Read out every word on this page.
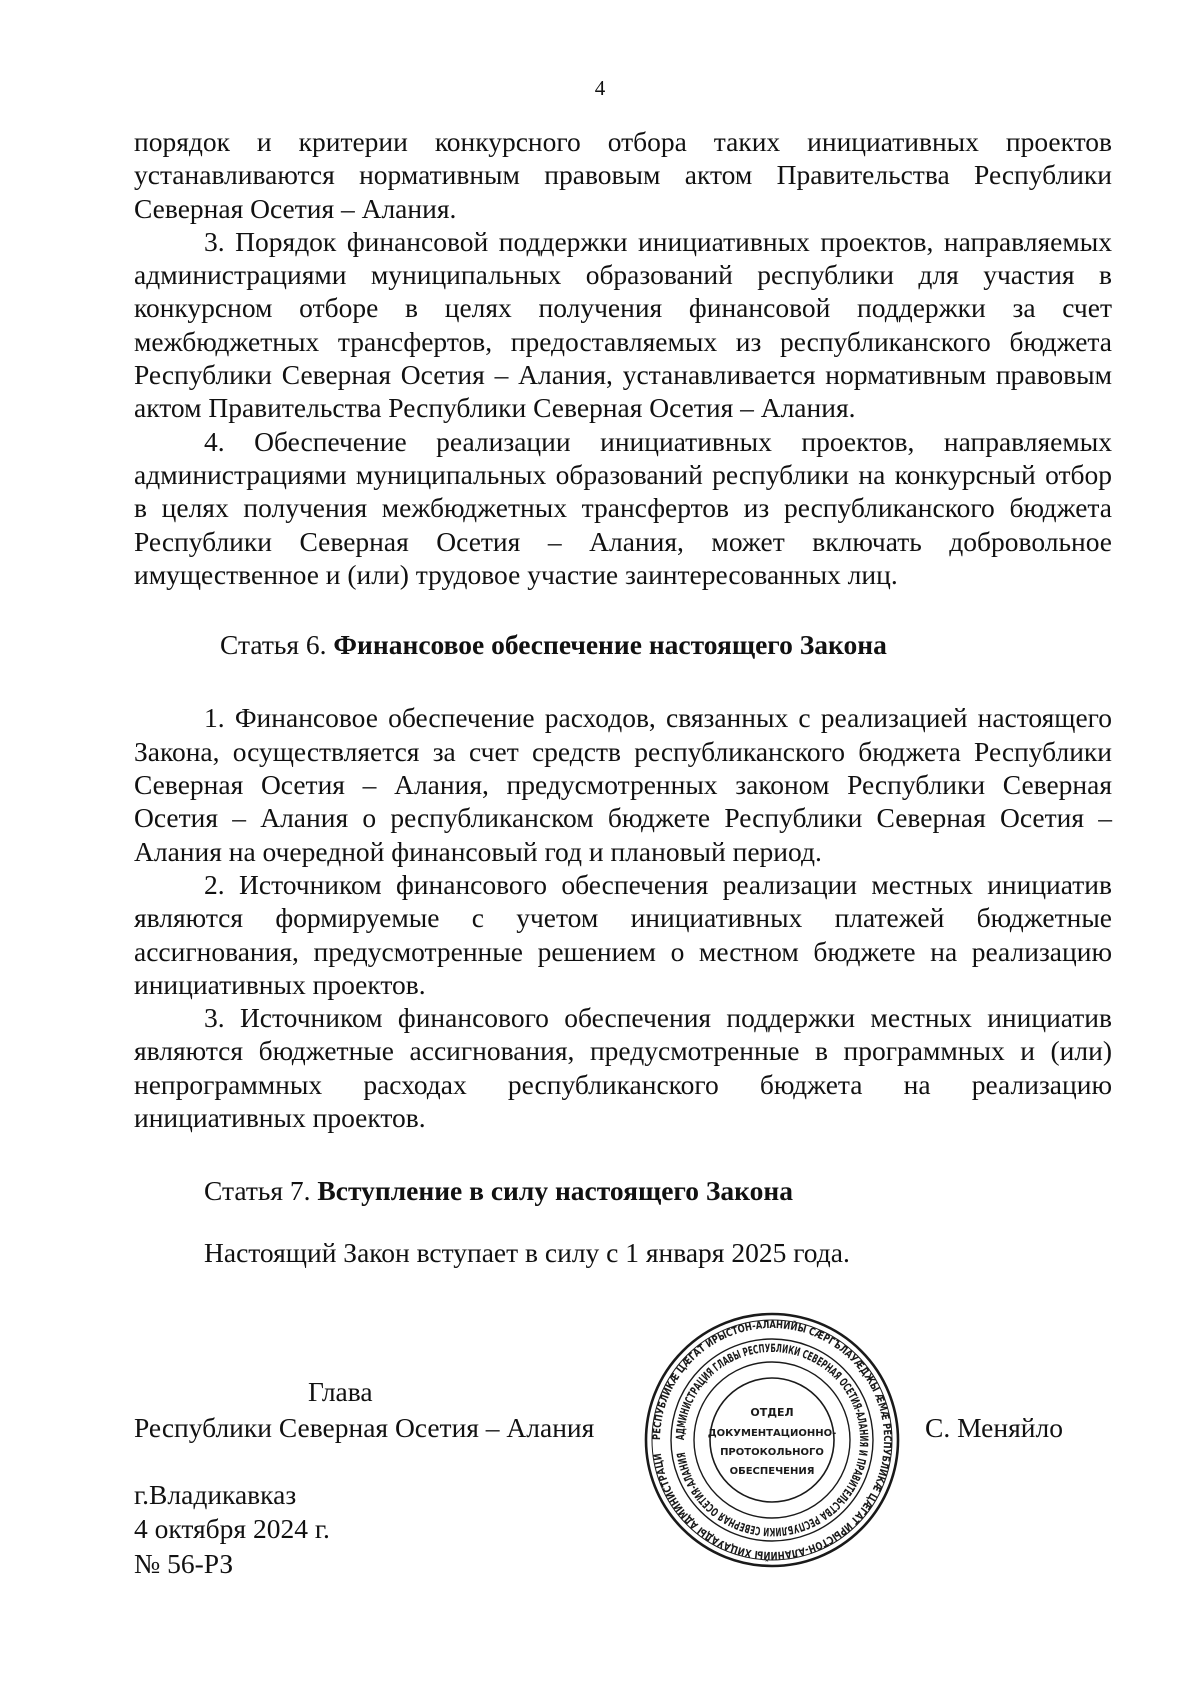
4

порядок и критерии конкурсного отбора таких инициативных проектов устанавливаются нормативным правовым актом Правительства Республики Северная Осетия – Алания.

3. Порядок финансовой поддержки инициативных проектов, направляемых администрациями муниципальных образований республики для участия в конкурсном отборе в целях получения финансовой поддержки за счет межбюджетных трансфертов, предоставляемых из республиканского бюджета Республики Северная Осетия – Алания, устанавливается нормативным правовым актом Правительства Республики Северная Осетия – Алания.

4. Обеспечение реализации инициативных проектов, направляемых администрациями муниципальных образований республики на конкурсный отбор в целях получения межбюджетных трансфертов из республиканского бюджета Республики Северная Осетия – Алания, может включать добровольное имущественное и (или) трудовое участие заинтересованных лиц.

Статья 6. Финансовое обеспечение настоящего Закона

1. Финансовое обеспечение расходов, связанных с реализацией настоящего Закона, осуществляется за счет средств республиканского бюджета Республики Северная Осетия – Алания, предусмотренных законом Республики Северная Осетия – Алания о республиканском бюджете Республики Северная Осетия – Алания на очередной финансовый год и плановый период.

2. Источником финансового обеспечения реализации местных инициатив являются формируемые с учетом инициативных платежей бюджетные ассигнования, предусмотренные решением о местном бюджете на реализацию инициативных проектов.

3. Источником финансового обеспечения поддержки местных инициатив являются бюджетные ассигнования, предусмотренные в программных и (или) непрограммных расходах республиканского бюджета на реализацию инициативных проектов.

Статья 7. Вступление в силу настоящего Закона

Настоящий Закон вступает в силу с 1 января 2025 года.

Глава
Республики Северная Осетия – Алания	С. Меняйло
г.Владикавказ
4 октября 2024 г.
№ 56-РЗ
РЕСПУБЛИКӔ ЦӔГАТ ИРЫСТОН-АЛАНИЙЫ СӔРГЪЛАУӔДЖЫ ӔМӔ РЕСПУБЛИКӔ ЦӔГАТ ИРЫСТОН-АЛАНИЙЫ ХИЦАУАДЫ АДМИНИСТРАЦИ
АДМИНИСТРАЦИЯ ГЛАВЫ РЕСПУБЛИКИ СЕВЕРНАЯ ОСЕТИЯ-АЛАНИЯ И ПРАВИТЕЛЬСТВА РЕСПУБЛИКИ СЕВЕРНАЯ ОСЕТИЯ-АЛАНИЯ
ОТДЕЛ
ДОКУМЕНТАЦИОННО-
ПРОТОКОЛЬНОГО
ОБЕСПЕЧЕНИЯ
